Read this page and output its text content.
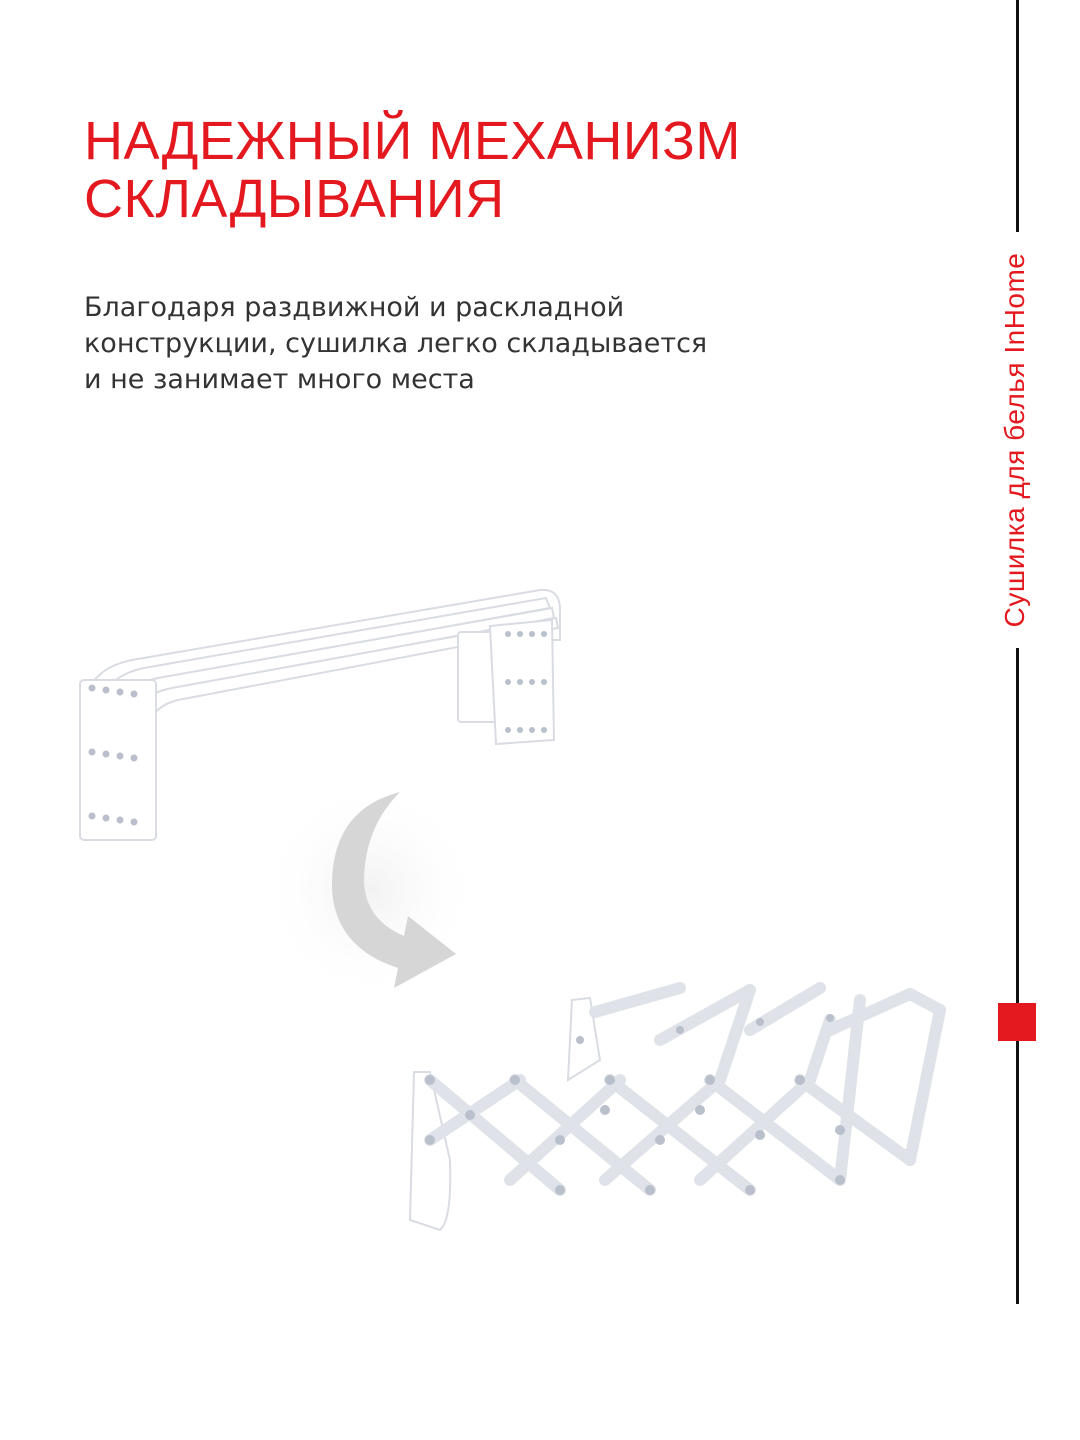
НАДЕЖНЫЙ МЕХАНИЗМ
СКЛАДЫВАНИЯ

Благодаря раздвижной и раскладной
конструкции, сушилка легко складывается
и не занимает много места	Сушилка для белья InHome
